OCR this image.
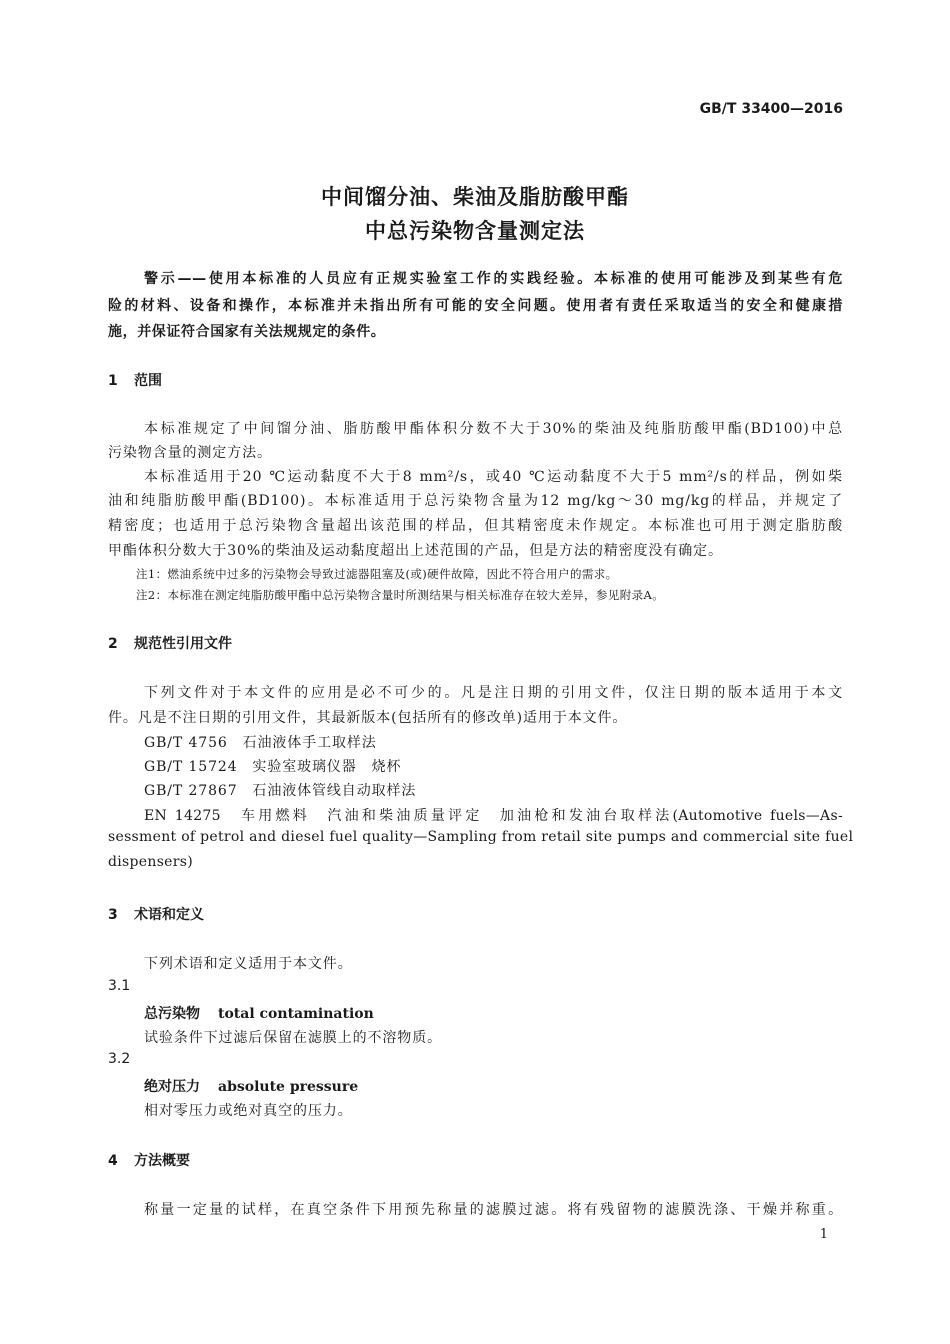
GB/T 33400—2016
中间馏分油、柴油及脂肪酸甲酯
中总污染物含量测定法
警示——使用本标准的人员应有正规实验室工作的实践经验。本标准的使用可能涉及到某些有危
险的材料、设备和操作，本标准并未指出所有可能的安全问题。使用者有责任采取适当的安全和健康措
施，并保证符合国家有关法规规定的条件。
1 范围
本标准规定了中间馏分油、脂肪酸甲酯体积分数不大于30%的柴油及纯脂肪酸甲酯(BD100)中总
污染物含量的测定方法。
本标准适用于20 ℃运动黏度不大于8 mm²/s，或40 ℃运动黏度不大于5 mm²/s的样品，例如柴
油和纯脂肪酸甲酯(BD100)。本标准适用于总污染物含量为12 mg/kg～30 mg/kg的样品，并规定了
精密度；也适用于总污染物含量超出该范围的样品，但其精密度未作规定。本标准也可用于测定脂肪酸
甲酯体积分数大于30%的柴油及运动黏度超出上述范围的产品，但是方法的精密度没有确定。
注1：燃油系统中过多的污染物会导致过滤器阻塞及(或)硬件故障，因此不符合用户的需求。
注2：本标准在测定纯脂肪酸甲酯中总污染物含量时所测结果与相关标准存在较大差异，参见附录A。
2 规范性引用文件
下列文件对于本文件的应用是必不可少的。凡是注日期的引用文件，仅注日期的版本适用于本文
件。凡是不注日期的引用文件，其最新版本(包括所有的修改单)适用于本文件。
GB/T 4756　石油液体手工取样法
GB/T 15724　实验室玻璃仪器　烧杯
GB/T 27867　石油液体管线自动取样法
EN 14275　车用燃料　汽油和柴油质量评定　加油枪和发油台取样法(Automotive fuels—As-
sessment of petrol and diesel fuel quality—Sampling from retail site pumps and commercial site fuel
dispensers)
3 术语和定义
下列术语和定义适用于本文件。
3.1
总污染物 total contamination
试验条件下过滤后保留在滤膜上的不溶物质。
3.2
绝对压力 absolute pressure
相对零压力或绝对真空的压力。
4 方法概要
称量一定量的试样，在真空条件下用预先称量的滤膜过滤。将有残留物的滤膜洗涤、干燥并称重。
1
